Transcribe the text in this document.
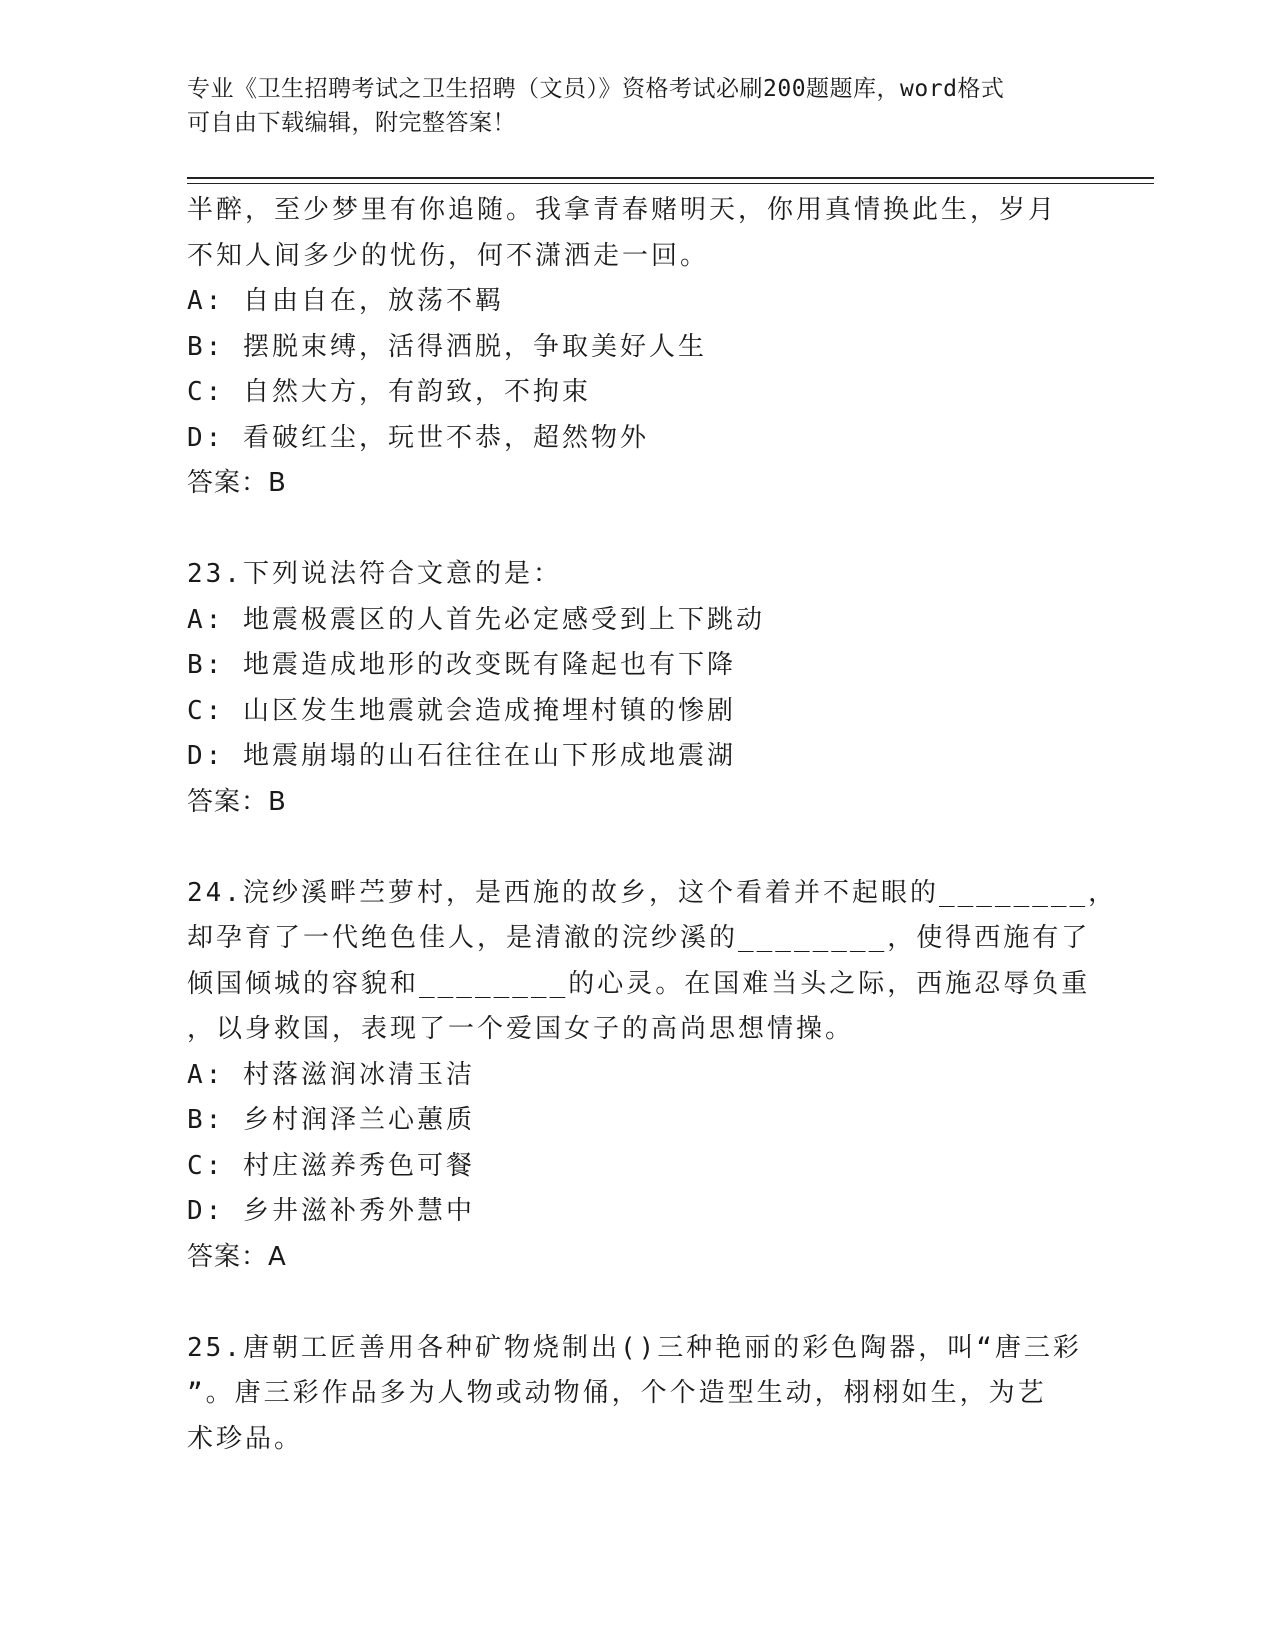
专业《卫生招聘考试之卫生招聘（文员）》资格考试必刷200题题库，word格式
可自由下载编辑，附完整答案！
半醉，至少梦里有你追随。我拿青春赌明天，你用真情换此生，岁月
不知人间多少的忧伤，何不潇洒走一回。
A: 自由自在，放荡不羁
B: 摆脱束缚，活得洒脱，争取美好人生
C: 自然大方，有韵致，不拘束
D: 看破红尘，玩世不恭，超然物外
答案：B
23.下列说法符合文意的是：
A: 地震极震区的人首先必定感受到上下跳动
B: 地震造成地形的改变既有隆起也有下降
C: 山区发生地震就会造成掩埋村镇的惨剧
D: 地震崩塌的山石往往在山下形成地震湖
答案：B
24.浣纱溪畔苎萝村，是西施的故乡，这个看着并不起眼的________，
却孕育了一代绝色佳人，是清澈的浣纱溪的________，使得西施有了
倾国倾城的容貌和________的心灵。在国难当头之际，西施忍辱负重
，以身救国，表现了一个爱国女子的高尚思想情操。
A: 村落滋润冰清玉洁
B: 乡村润泽兰心蕙质
C: 村庄滋养秀色可餐
D: 乡井滋补秀外慧中
答案：A
25.唐朝工匠善用各种矿物烧制出()三种艳丽的彩色陶器，叫“唐三彩
”。唐三彩作品多为人物或动物俑，个个造型生动，栩栩如生，为艺
术珍品。
